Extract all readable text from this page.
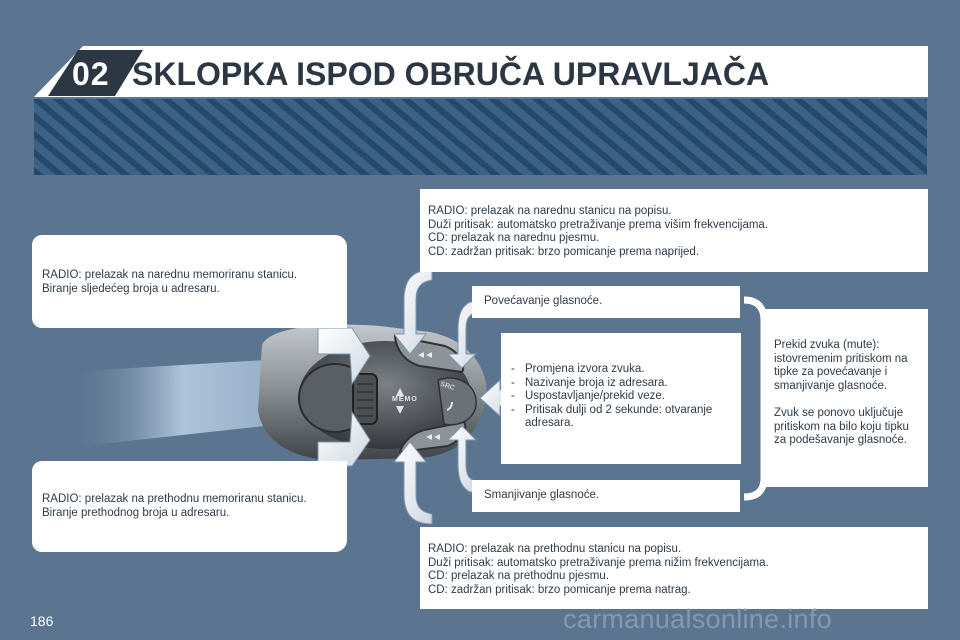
02 SKLOPKA ISPOD OBRUČA UPRAVLJAČA
MEMO
SRC

RADIO: prelazak na narednu memoriranu stanicu.
Biranje sljedećeg broja u adresaru.

RADIO: prelazak na prethodnu memoriranu stanicu.
Biranje prethodnog broja u adresaru.

RADIO: prelazak na narednu stanicu na popisu.
Duži pritisak: automatsko pretraživanje prema višim frekvencijama.
CD: prelazak na narednu pjesmu.
CD: zadržan pritisak: brzo pomicanje prema naprijed.

RADIO: prelazak na prethodnu stanicu na popisu.
Duži pritisak: automatsko pretraživanje prema nižim frekvencijama.
CD: prelazak na prethodnu pjesmu.
CD: zadržan pritisak: brzo pomicanje prema natrag.

Povećavanje glasnoće.

Smanjivanje glasnoće.

- Promjena izvora zvuka.
- Nazivanje broja iz adresara.
- Uspostavljanje/prekid veze.
- Pritisak dulji od 2 sekunde: otvaranje adresara.

Prekid zvuka (mute): istovremenim pritiskom na tipke za povećavanje i smanjivanje glasnoće.

Zvuk se ponovo uključuje pritiskom na bilo koju tipku za podešavanje glasnoće.

186	carmanualsonline.info
